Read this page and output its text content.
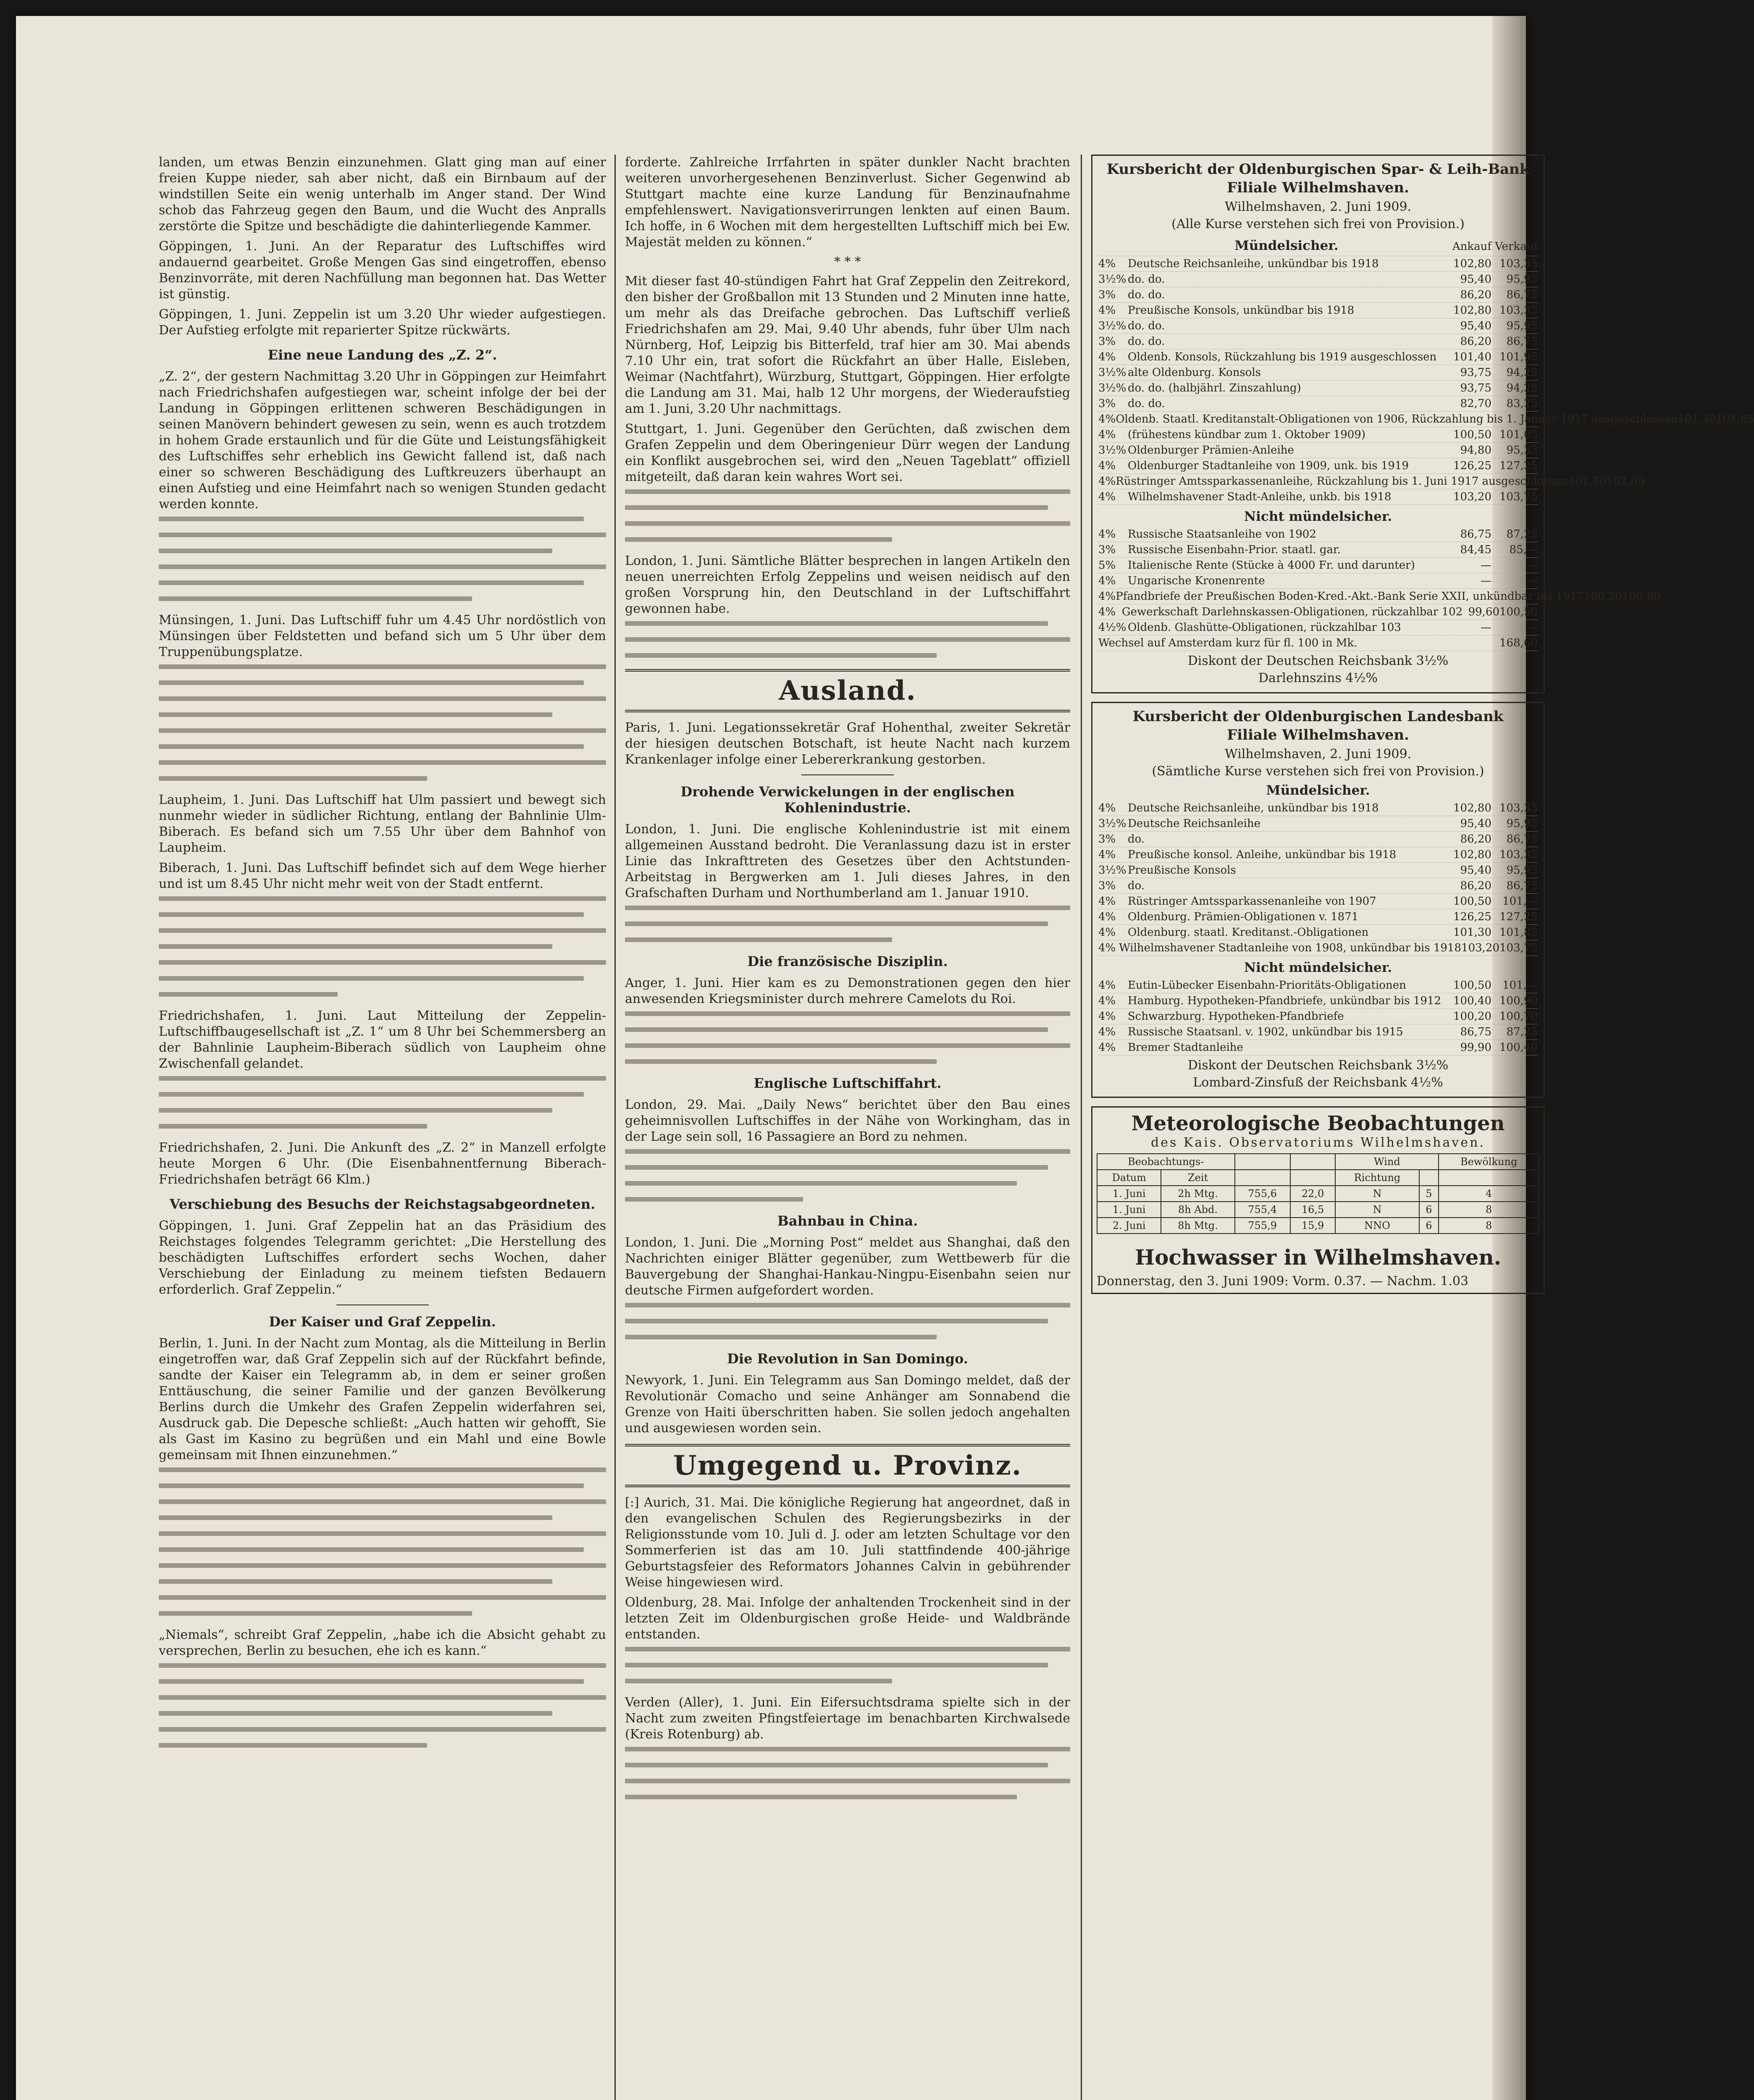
landen, um etwas Benzin einzunehmen. Glatt ging man auf einer freien Kuppe nieder, sah aber nicht, daß ein Birnbaum auf der windstillen Seite ein wenig unterhalb im Anger stand. Der Wind schob das Fahrzeug gegen den Baum, und die Wucht des Anpralls zerstörte die Spitze und beschädigte die dahinterliegende Kammer.

Göppingen, 1. Juni. An der Reparatur des Luftschiffes wird andauernd gearbeitet. Große Mengen Gas sind eingetroffen, ebenso Benzinvorräte, mit deren Nachfüllung man begonnen hat. Das Wetter ist günstig.

Göppingen, 1. Juni. Zeppelin ist um 3.20 Uhr wieder aufgestiegen. Der Aufstieg erfolgte mit reparierter Spitze rückwärts.

Eine neue Landung des „Z. 2“.

„Z. 2“, der gestern Nachmittag 3.20 Uhr in Göppingen zur Heimfahrt nach Friedrichshafen aufgestiegen war, scheint infolge der bei der Landung in Göppingen erlittenen schweren Beschädigungen in seinen Manövern behindert gewesen zu sein, wenn es auch trotzdem in hohem Grade erstaunlich und für die Güte und Leistungsfähigkeit des Luftschiffes sehr erheblich ins Gewicht fallend ist, daß nach einer so schweren Beschädigung des Luftkreuzers überhaupt an einen Aufstieg und eine Heimfahrt nach so wenigen Stunden gedacht werden konnte.

Münsingen, 1. Juni. Das Luftschiff fuhr um 4.45 Uhr nordöstlich von Münsingen über Feldstetten und befand sich um 5 Uhr über dem Truppenübungsplatze.

Laupheim, 1. Juni. Das Luftschiff hat Ulm passiert und bewegt sich nunmehr wieder in südlicher Richtung, entlang der Bahnlinie Ulm-Biberach. Es befand sich um 7.55 Uhr über dem Bahnhof von Laupheim.

Biberach, 1. Juni. Das Luftschiff befindet sich auf dem Wege hierher und ist um 8.45 Uhr nicht mehr weit von der Stadt entfernt.

Friedrichshafen, 1. Juni. Laut Mitteilung der Zeppelin-Luftschiffbaugesellschaft ist „Z. 1“ um 8 Uhr bei Schemmersberg an der Bahnlinie Laupheim-Biberach südlich von Laupheim ohne Zwischenfall gelandet.

Friedrichshafen, 2. Juni. Die Ankunft des „Z. 2“ in Manzell erfolgte heute Morgen 6 Uhr. (Die Eisenbahnentfernung Biberach-Friedrichshafen beträgt 66 Klm.)

Verschiebung des Besuchs der Reichstagsabgeordneten.

Göppingen, 1. Juni. Graf Zeppelin hat an das Präsidium des Reichstages folgendes Telegramm gerichtet: „Die Herstellung des beschädigten Luftschiffes erfordert sechs Wochen, daher Verschiebung der Einladung zu meinem tiefsten Bedauern erforderlich. Graf Zeppelin.“

Der Kaiser und Graf Zeppelin.

Berlin, 1. Juni. In der Nacht zum Montag, als die Mitteilung in Berlin eingetroffen war, daß Graf Zeppelin sich auf der Rückfahrt befinde, sandte der Kaiser ein Telegramm ab, in dem er seiner großen Enttäuschung, die seiner Familie und der ganzen Bevölkerung Berlins durch die Umkehr des Grafen Zeppelin widerfahren sei, Ausdruck gab. Die Depesche schließt: „Auch hatten wir gehofft, Sie als Gast im Kasino zu begrüßen und ein Mahl und eine Bowle gemeinsam mit Ihnen einzunehmen.“

„Niemals“, schreibt Graf Zeppelin, „habe ich die Absicht gehabt zu versprechen, Berlin zu besuchen, ehe ich es kann.“

forderte. Zahlreiche Irrfahrten in später dunkler Nacht brachten weiteren unvorhergesehenen Benzinverlust. Sicher Gegenwind ab Stuttgart machte eine kurze Landung für Benzinaufnahme empfehlenswert. Navigationsverirrungen lenkten auf einen Baum. Ich hoffe, in 6 Wochen mit dem hergestellten Luftschiff mich bei Ew. Majestät melden zu können.“

* * *

Mit dieser fast 40-stündigen Fahrt hat Graf Zeppelin den Zeitrekord, den bisher der Großballon mit 13 Stunden und 2 Minuten inne hatte, um mehr als das Dreifache gebrochen. Das Luftschiff verließ Friedrichshafen am 29. Mai, 9.40 Uhr abends, fuhr über Ulm nach Nürnberg, Hof, Leipzig bis Bitterfeld, traf hier am 30. Mai abends 7.10 Uhr ein, trat sofort die Rückfahrt an über Halle, Eisleben, Weimar (Nachtfahrt), Würzburg, Stuttgart, Göppingen. Hier erfolgte die Landung am 31. Mai, halb 12 Uhr morgens, der Wiederaufstieg am 1. Juni, 3.20 Uhr nachmittags.

Stuttgart, 1. Juni. Gegenüber den Gerüchten, daß zwischen dem Grafen Zeppelin und dem Oberingenieur Dürr wegen der Landung ein Konflikt ausgebrochen sei, wird den „Neuen Tageblatt“ offiziell mitgeteilt, daß daran kein wahres Wort sei.

London, 1. Juni. Sämtliche Blätter besprechen in langen Artikeln den neuen unerreichten Erfolg Zeppelins und weisen neidisch auf den großen Vorsprung hin, den Deutschland in der Luftschiffahrt gewonnen habe.

Ausland.

Paris, 1. Juni. Legationssekretär Graf Hohenthal, zweiter Sekretär der hiesigen deutschen Botschaft, ist heute Nacht nach kurzem Krankenlager infolge einer Lebererkrankung gestorben.

Drohende Verwickelungen in der englischen Kohlenindustrie.

London, 1. Juni. Die englische Kohlenindustrie ist mit einem allgemeinen Ausstand bedroht. Die Veranlassung dazu ist in erster Linie das Inkrafttreten des Gesetzes über den Achtstunden-Arbeitstag in Bergwerken am 1. Juli dieses Jahres, in den Grafschaften Durham und Northumberland am 1. Januar 1910.

Die französische Disziplin.

Anger, 1. Juni. Hier kam es zu Demonstrationen gegen den hier anwesenden Kriegsminister durch mehrere Camelots du Roi.

Englische Luftschiffahrt.

London, 29. Mai. „Daily News“ berichtet über den Bau eines geheimnisvollen Luftschiffes in der Nähe von Workingham, das in der Lage sein soll, 16 Passagiere an Bord zu nehmen.

Bahnbau in China.

London, 1. Juni. Die „Morning Post“ meldet aus Shanghai, daß den Nachrichten einiger Blätter gegenüber, zum Wettbewerb für die Bauvergebung der Shanghai-Hankau-Ningpu-Eisenbahn seien nur deutsche Firmen aufgefordert worden.

Die Revolution in San Domingo.

Newyork, 1. Juni. Ein Telegramm aus San Domingo meldet, daß der Revolutionär Comacho und seine Anhänger am Sonnabend die Grenze von Haiti überschritten haben. Sie sollen jedoch angehalten und ausgewiesen worden sein.

Umgegend u. Provinz.

[:] Aurich, 31. Mai. Die königliche Regierung hat angeordnet, daß in den evangelischen Schulen des Regierungsbezirks in der Religionsstunde vom 10. Juli d. J. oder am letzten Schultage vor den Sommerferien ist das am 10. Juli stattfindende 400-jährige Geburtstagsfeier des Reformators Johannes Calvin in gebührender Weise hingewiesen wird.

Oldenburg, 28. Mai. Infolge der anhaltenden Trockenheit sind in der letzten Zeit im Oldenburgischen große Heide- und Waldbrände entstanden.

Verden (Aller), 1. Juni. Ein Eifersuchtsdrama spielte sich in der Nacht zum zweiten Pfingstfeiertage im benachbarten Kirchwalsede (Kreis Rotenburg) ab.

Kursbericht der Oldenburgischen Spar- & Leih-Bank
Filiale Wilhelmshaven.
Wilhelmshaven, 2. Juni 1909.
(Alle Kurse verstehen sich frei von Provision.)
Mündelsicher.	Ankauf Verkauf
4%	Deutsche Reichsanleihe, unkündbar bis 1918	102,80 103,35
3½% do. do.	95,40	95,95
3%	do. do.	86,20	86,75
4%	Preußische Konsols, unkündbar bis 1918	102,80 103,35
3½% do. do.	95,40	95,95
3%	do. do.	86,20	86,75
4%	Oldenb. Konsols, Rückzahlung bis 1919 ausgeschlossen	101,40 101,95
3½% alte Oldenburg. Konsols	93,75	94,25
3½% do. do. (halbjährl. Zinszahlung)	93,75	94,25
3%	do. do.	82,70	83,25
4% Oldenb. Staatl. Kreditanstalt-Obligationen von 1906, Rückzahlung bis 1. Januar 1917 ausgeschlossen 101,30 101,85
4%	(frühestens kündbar zum 1. Oktober 1909)	100,50 101,05
3½% Oldenburger Prämien-Anleihe	94,80	95,35
4%	Oldenburger Stadtanleihe von 1909, unk. bis 1919	126,25 127,25
4% Rüstringer Amtssparkassenanleihe, Rückzahlung bis 1. Juni 1917 ausgeschlossen 101,50 102,00
4%	Wilhelmshavener Stadt-Anleihe, unkb. bis 1918	103,20 103,75
Nicht mündelsicher.
4%	Russische Staatsanleihe von 1902	86,75	87,25
3%	Russische Eisenbahn-Prior. staatl. gar.	84,45	85,—
5%	Italienische Rente (Stücke à 4000 Fr. und darunter)	—	—
4%	Ungarische Kronenrente	—	—
4% Pfandbriefe der Preußischen Boden-Kred.-Akt.-Bank Serie XXII, unkündbar bis 1917 100,20 100,80
4% Gewerkschaft Darlehnskassen-Obligationen, rückzahlbar 102 99,60 100,50
4½% Oldenb. Glashütte-Obligationen, rückzahlbar 103	—	—
Wechsel auf Amsterdam kurz für fl. 100 in Mk.	168,60
Diskont der Deutschen Reichsbank 3½%
Darlehnszins 4½%
Kursbericht der Oldenburgischen Landesbank
Filiale Wilhelmshaven.
Wilhelmshaven, 2. Juni 1909.
(Sämtliche Kurse verstehen sich frei von Provision.)
Mündelsicher.
4%	Deutsche Reichsanleihe, unkündbar bis 1918	102,80 103,35
3½% Deutsche Reichsanleihe	95,40	95,95
3%	do.	86,20	86,75
4%	Preußische konsol. Anleihe, unkündbar bis 1918	102,80 103,35
3½% Preußische Konsols	95,40	95,95
3%	do.	86,20	86,75
4%	Rüstringer Amtssparkassenanleihe von 1907	100,50	101,—
4%	Oldenburg. Prämien-Obligationen v. 1871	126,25 127,25
4%	Oldenburg. staatl. Kreditanst.-Obligationen	101,30 101,85
4% Wilhelmshavener Stadtanleihe von 1908, unkündbar bis 1918 103,20 103,75
Nicht mündelsicher.
4%	Eutin-Lübecker Eisenbahn-Prioritäts-Obligationen	100,50	101,—
4%	Hamburg. Hypotheken-Pfandbriefe, unkündbar bis 1912	100,40 100,90
4%	Schwarzburg. Hypotheken-Pfandbriefe	100,20 100,70
4%	Russische Staatsanl. v. 1902, unkündbar bis 1915	86,75	87,25
4%	Bremer Stadtanleihe	99,90 100,40
Diskont der Deutschen Reichsbank 3½%
Lombard-Zinsfuß der Reichsbank 4½%
Meteorologische Beobachtungen
des Kais. Observatoriums Wilhelmshaven.
Beobachtungs-				Wind		Bewölkung
Datum	Zeit			Richtung		
1. Juni	2h Mtg.	755,6	22,0	N	5	4
1. Juni	8h Abd.	755,4	16,5	N	6	8
2. Juni	8h Mtg.	755,9	15,9	NNO	6	8
Hochwasser in Wilhelmshaven.
Donnerstag, den 3. Juni 1909: Vorm. 0.37. — Nachm. 1.03
